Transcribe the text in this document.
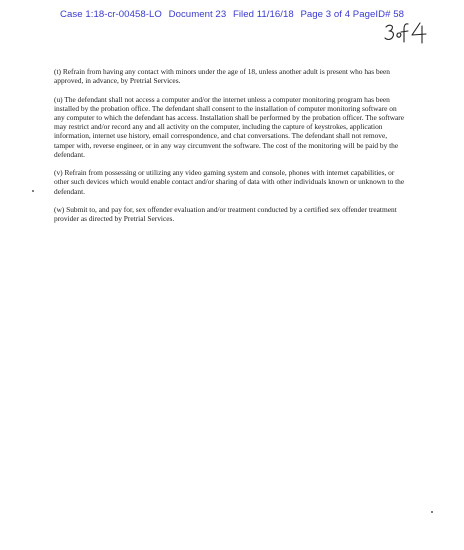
Case 1:18-cr-00458-LO Document 23 Filed 11/16/18 Page 3 of 4 PageID# 58

(t) Refrain from having any contact with minors under the age of 18, unless another adult is present who has been approved, in advance, by Pretrial Services.

(u) The defendant shall not access a computer and/or the internet unless a computer monitoring program has been installed by the probation office. The defendant shall consent to the installation of computer monitoring software on any computer to which the defendant has access. Installation shall be performed by the probation officer. The software may restrict and/or record any and all activity on the computer, including the capture of keystrokes, application information, internet use history, email correspondence, and chat conversations. The defendant shall not remove, tamper with, reverse engineer, or in any way circumvent the software. The cost of the monitoring will be paid by the defendant.

(v) Refrain from possessing or utilizing any video gaming system and console, phones with internet capabilities, or other such devices which would enable contact and/or sharing of data with other individuals known or unknown to the defendant.

(w) Submit to, and pay for, sex offender evaluation and/or treatment conducted by a certified sex offender treatment provider as directed by Pretrial Services.
